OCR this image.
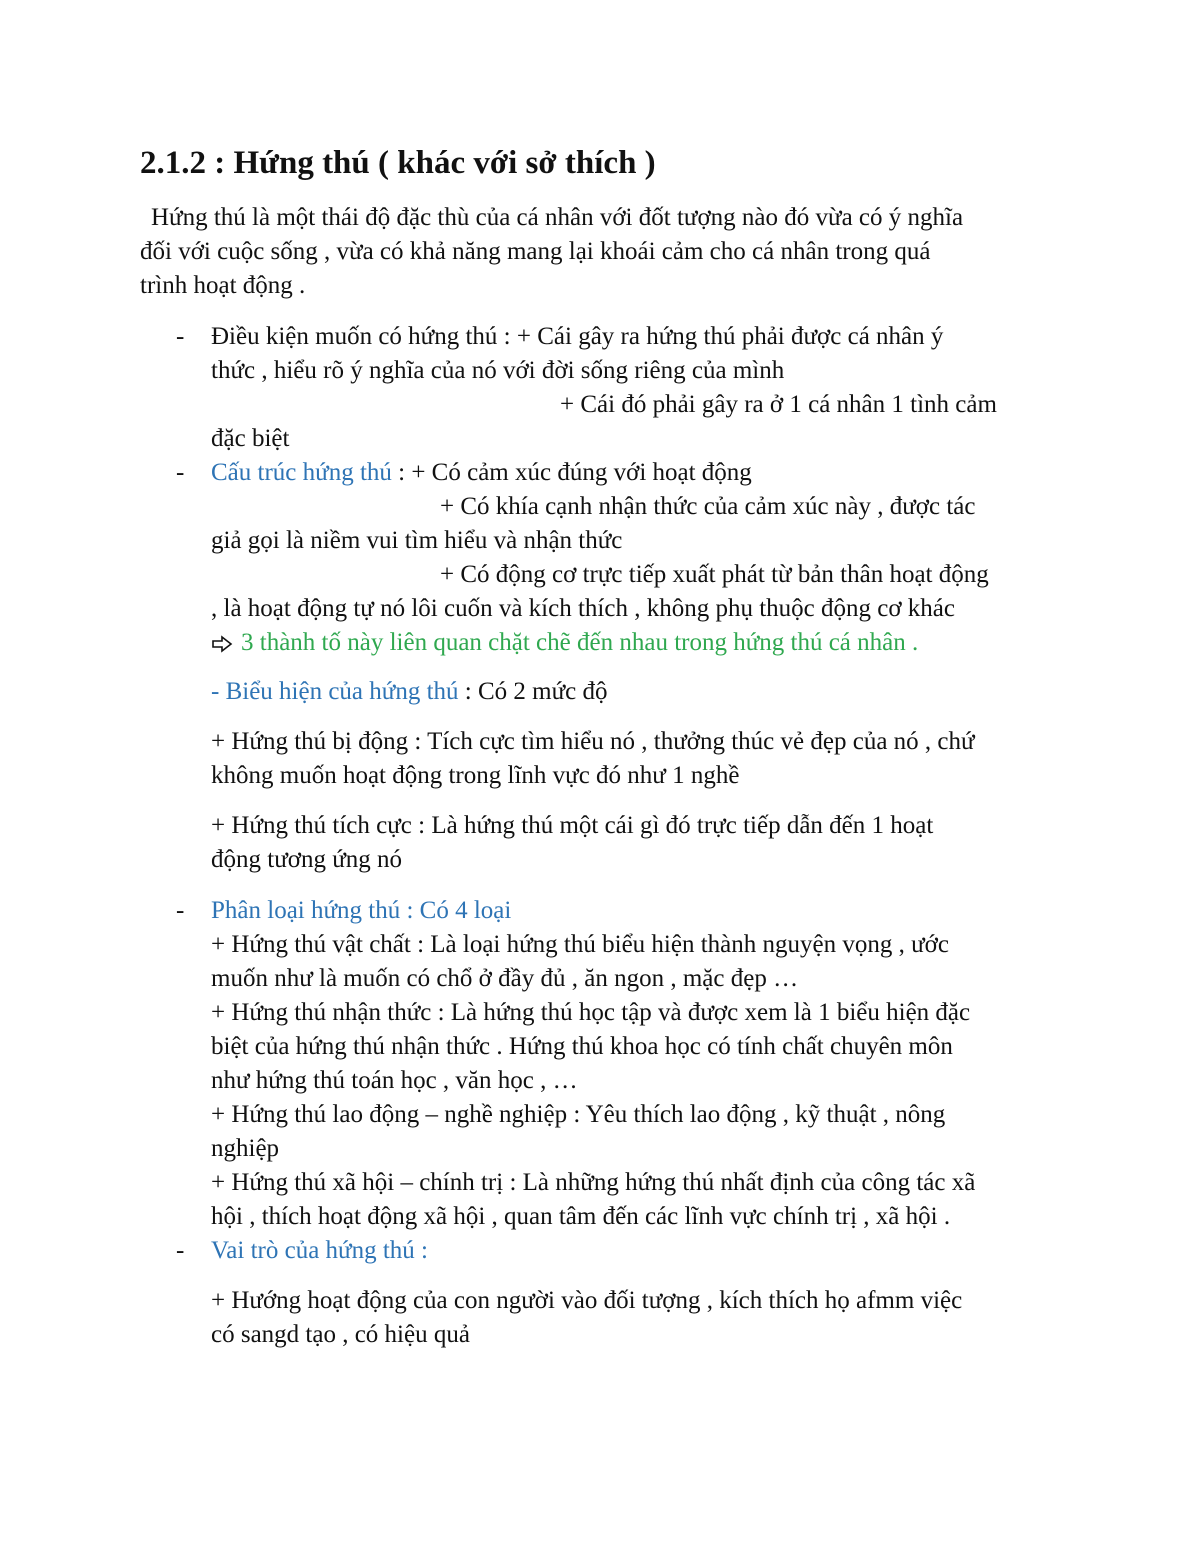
2.1.2 : Hứng thú ( khác với sở thích )
Hứng thú là một thái độ đặc thù của cá nhân với đốt tượng nào đó vừa có ý nghĩa
đối với cuộc sống , vừa có khả năng mang lại khoái cảm cho cá nhân trong quá
trình hoạt động .
- Điều kiện muốn có hứng thú : + Cái gây ra hứng thú phải được cá nhân ý
thức , hiểu rõ ý nghĩa của nó với đời sống riêng của mình
+ Cái đó phải gây ra ở 1 cá nhân 1 tình cảm
đặc biệt
- Cấu trúc hứng thú : + Có cảm xúc đúng với hoạt động
+ Có khía cạnh nhận thức của cảm xúc này , được tác
giả gọi là niềm vui tìm hiểu và nhận thức
+ Có động cơ trực tiếp xuất phát từ bản thân hoạt động
, là hoạt động tự nó lôi cuốn và kích thích , không phụ thuộc động cơ khác
3 thành tố này liên quan chặt chẽ đến nhau trong hứng thú cá nhân .
- Biểu hiện của hứng thú : Có 2 mức độ
+ Hứng thú bị động : Tích cực tìm hiểu nó , thưởng thúc vẻ đẹp của nó , chứ
không muốn hoạt động trong lĩnh vực đó như 1 nghề
+ Hứng thú tích cực : Là hứng thú một cái gì đó trực tiếp dẫn đến 1 hoạt
động tương ứng nó
- Phân loại hứng thú : Có 4 loại
+ Hứng thú vật chất : Là loại hứng thú biểu hiện thành nguyện vọng , ước
muốn như là muốn có chổ ở đầy đủ , ăn ngon , mặc đẹp …
+ Hứng thú nhận thức : Là hứng thú học tập và được xem là 1 biểu hiện đặc
biệt của hứng thú nhận thức . Hứng thú khoa học có tính chất chuyên môn
như hứng thú toán học , văn học , …
+ Hứng thú lao động – nghề nghiệp : Yêu thích lao động , kỹ thuật , nông
nghiệp
+ Hứng thú xã hội – chính trị : Là những hứng thú nhất định của công tác xã
hội , thích hoạt động xã hội , quan tâm đến các lĩnh vực chính trị , xã hội .
- Vai trò của hứng thú :
+ Hướng hoạt động của con người vào đối tượng , kích thích họ afmm việc
có sangd tạo , có hiệu quả
